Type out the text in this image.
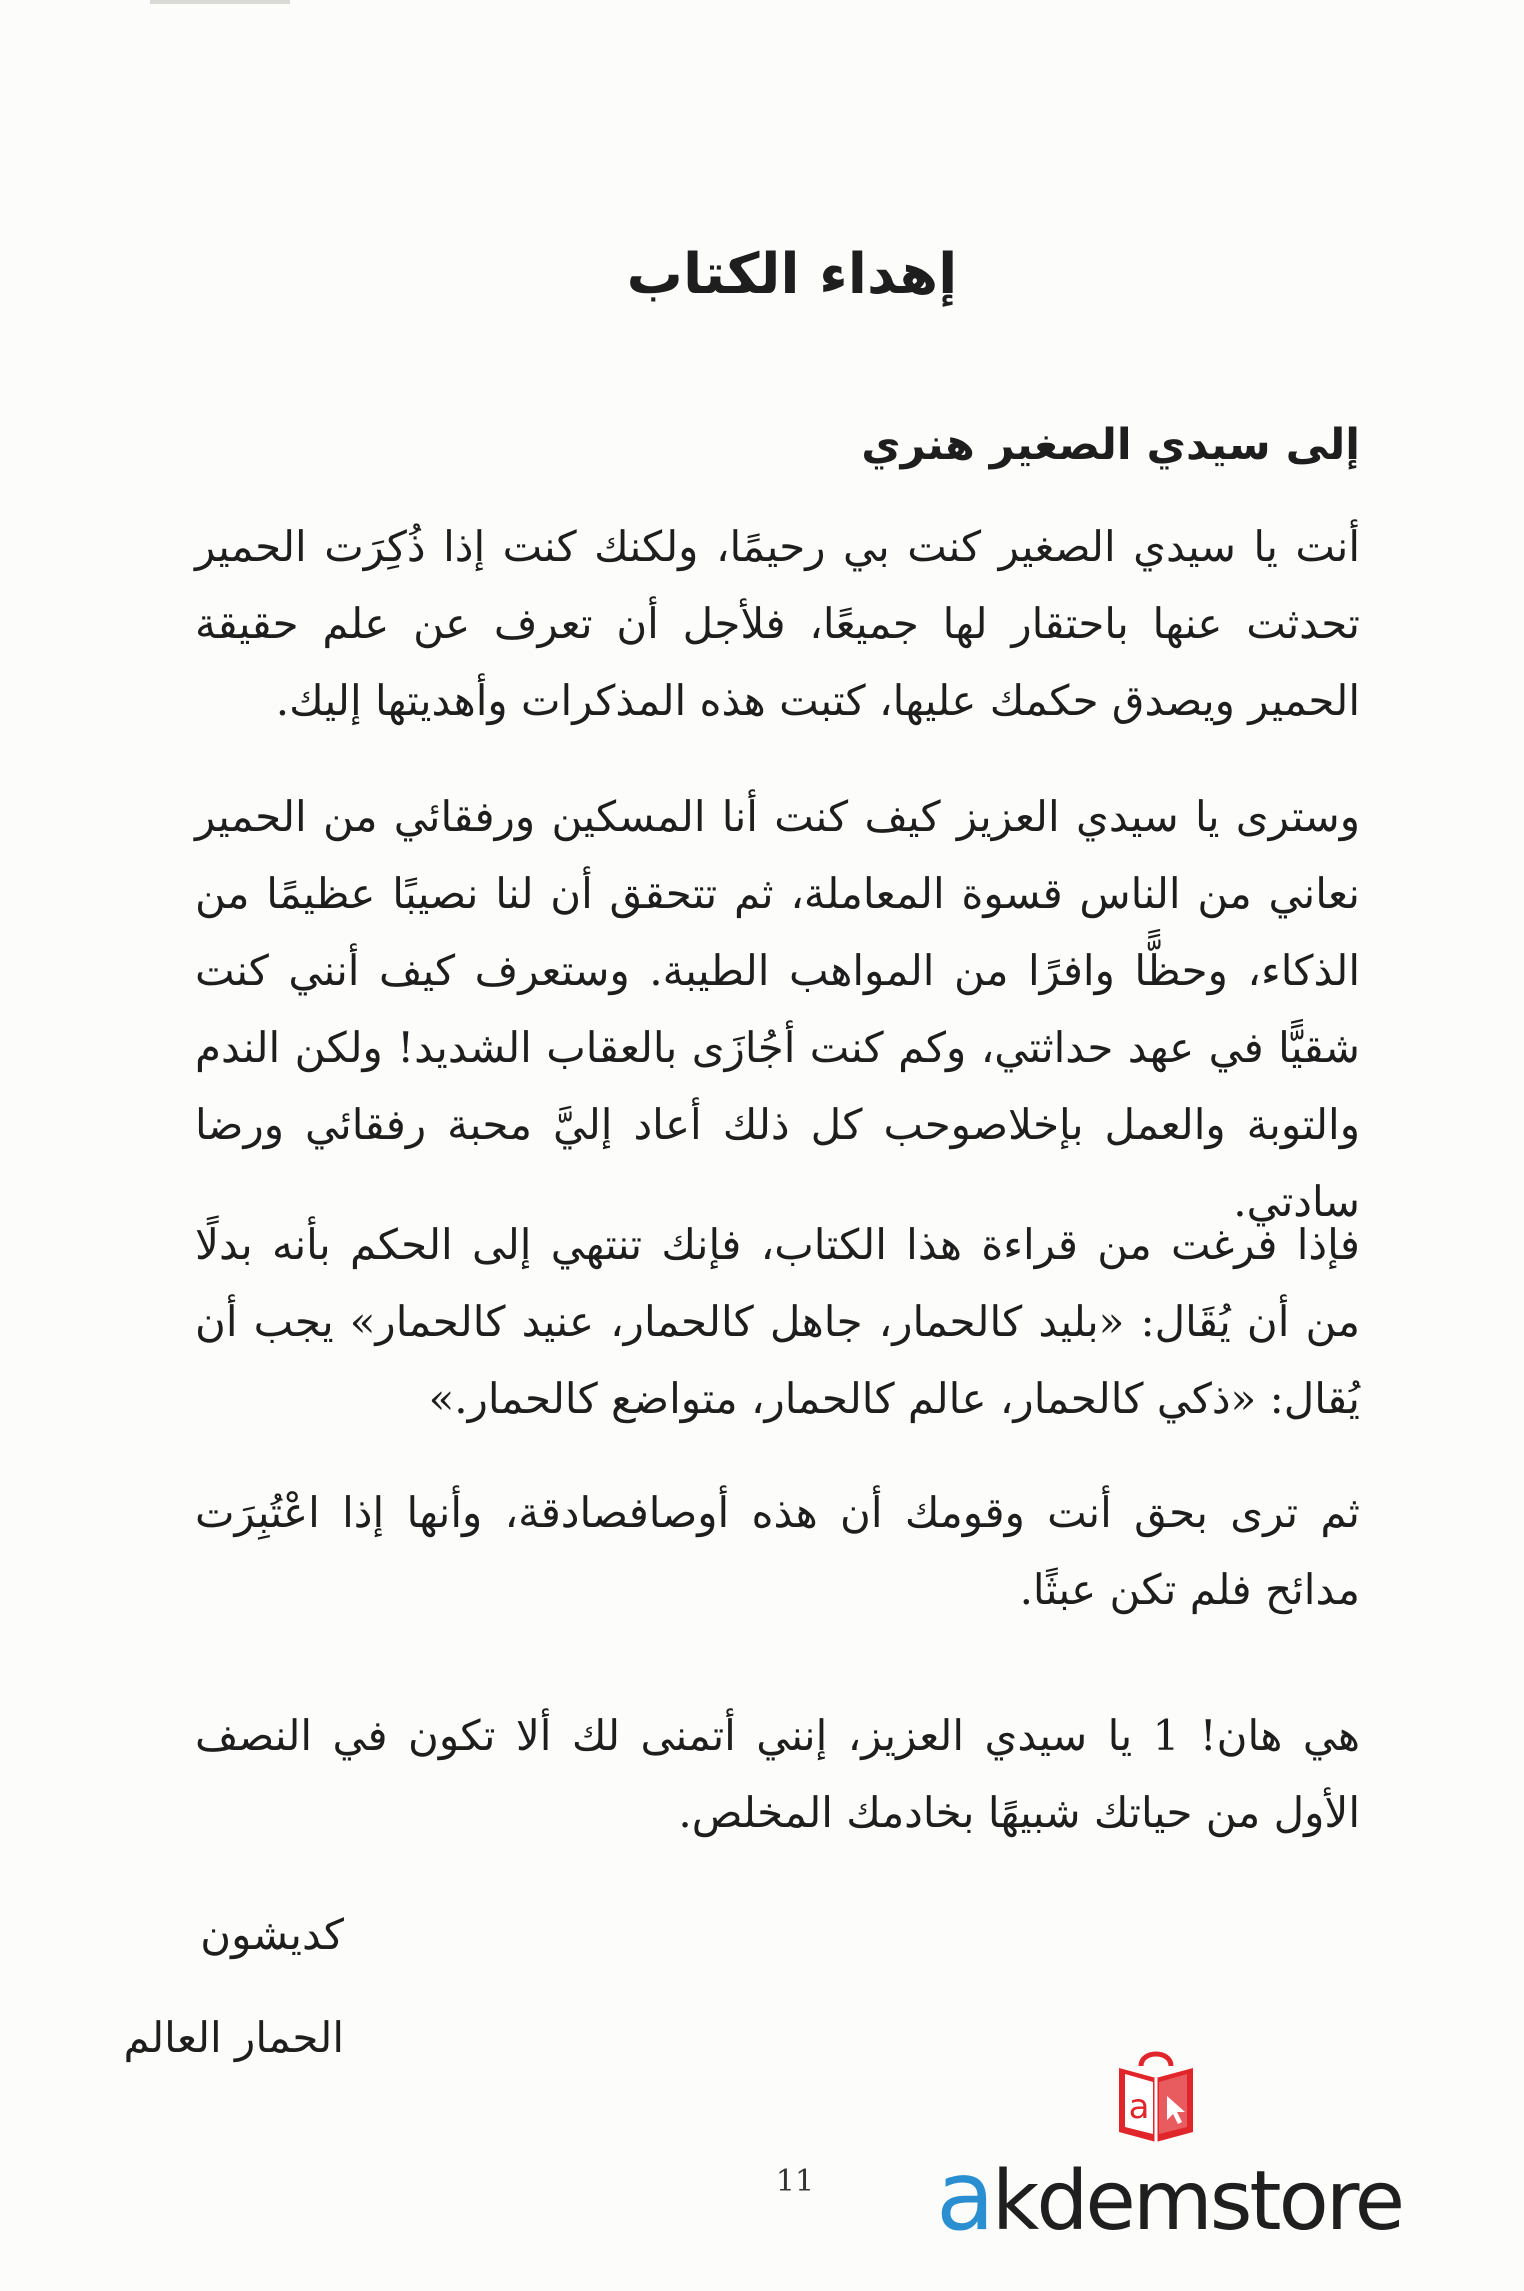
إهداء الكتاب
إلى سيدي الصغير هنري

أنت يا سيدي الصغير كنت بي رحيمًا، ولكنك كنت إذا ذُكِرَت الحمير تحدثت عنها باحتقار لها جميعًا، فلأجل أن تعرف عن علم حقيقة الحمير ويصدق حكمك عليها، كتبت هذه المذكرات وأهديتها إليك.

وسترى يا سيدي العزيز كيف كنت أنا المسكين ورفقائي من الحمير نعاني من الناس قسوة المعاملة، ثم تتحقق أن لنا نصيبًا عظيمًا من الذكاء، وحظًّا وافرًا من المواهب الطيبة. وستعرف كيف أنني كنت شقيًّا في عهد حداثتي، وكم كنت أجُازَى بالعقاب الشديد! ولكن الندم والتوبة والعمل بإخلاصوحب كل ذلك أعاد إليَّ محبة رفقائي ورضا سادتي.

فإذا فرغت من قراءة هذا الكتاب، فإنك تنتهي إلى الحكم بأنه بدلًا من أن يُقَال: «بليد كالحمار، جاهل كالحمار، عنيد كالحمار» يجب أن يُقال: «ذكي كالحمار، عالم كالحمار، متواضع كالحمار.»

ثم ترى بحق أنت وقومك أن هذه أوصافصادقة، وأنها إذا اعْتُبِرَت مدائح فلم تكن عبثًا.

هي هان! 1 يا سيدي العزيز، إنني أتمنى لك ألا تكون في النصف الأول من حياتك شبيهًا بخادمك المخلص.

كديشون
الحمار العالم
11
a
akdemstore
